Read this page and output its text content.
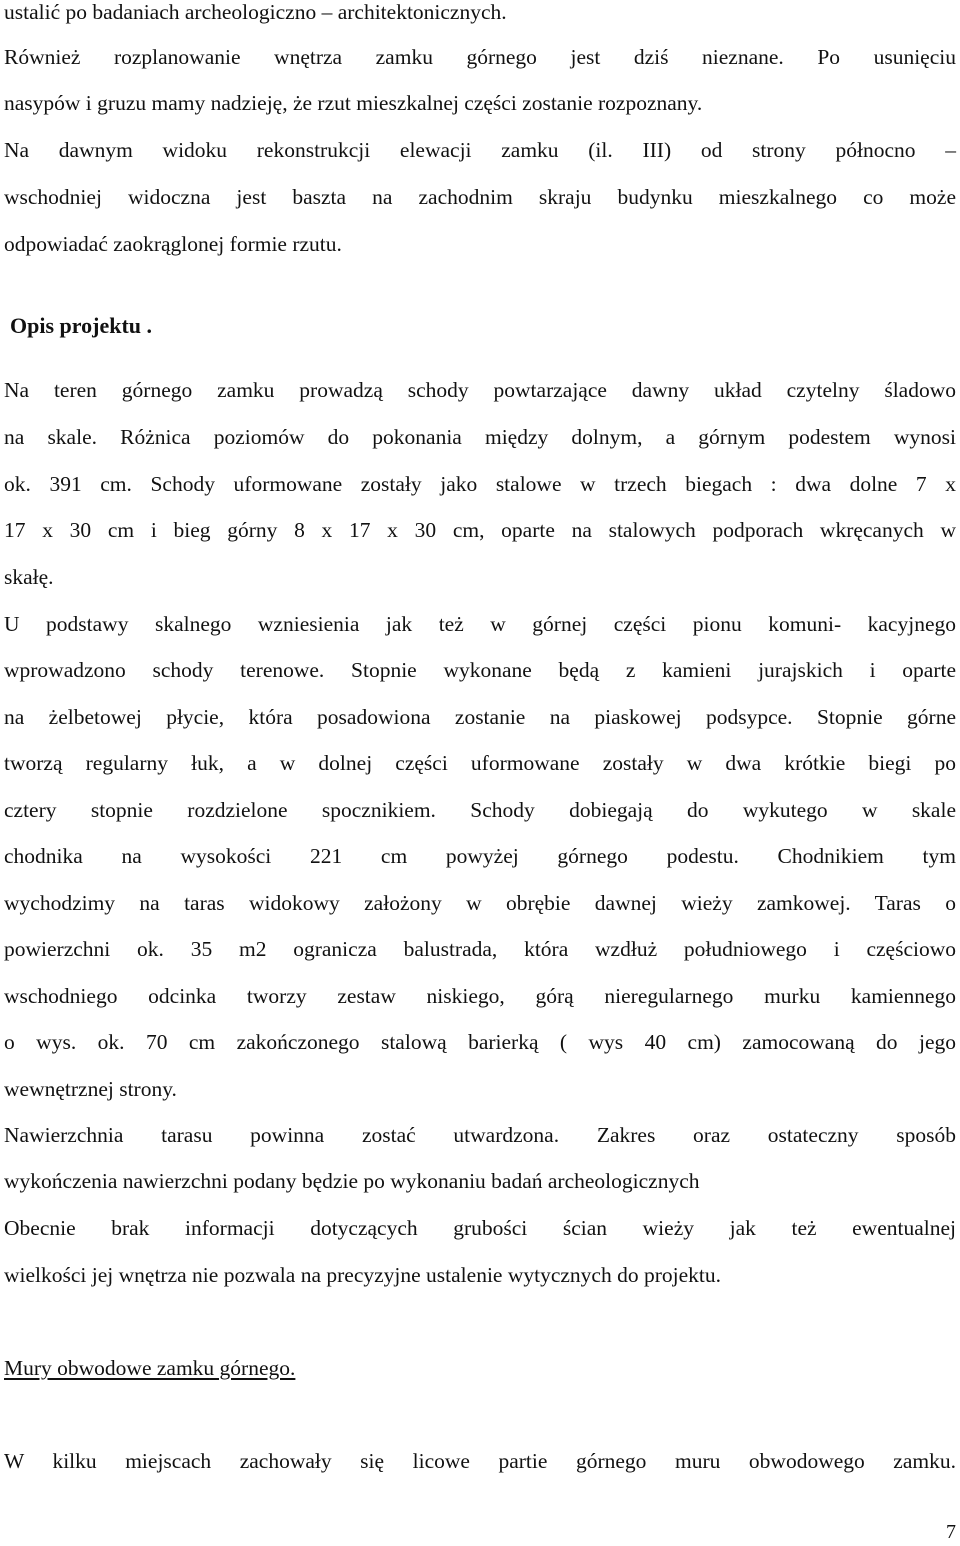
ustalić po badaniach archeologiczno – architektonicznych.
Również rozplanowanie wnętrza zamku górnego jest dziś nieznane. Po usunięciu
nasypów i gruzu mamy nadzieję, że rzut mieszkalnej części zostanie rozpoznany.
Na dawnym widoku rekonstrukcji elewacji zamku (il. III) od strony północno –
wschodniej widoczna jest baszta na zachodnim skraju budynku mieszkalnego co może
odpowiadać zaokrąglonej formie rzutu.
Opis projektu .
Na teren górnego zamku prowadzą schody powtarzające dawny układ czytelny śladowo
na skale. Różnica poziomów do pokonania między dolnym, a górnym podestem wynosi
ok. 391 cm. Schody uformowane zostały jako stalowe w trzech biegach : dwa dolne 7 x
17 x 30 cm i bieg górny 8 x 17 x 30 cm, oparte na stalowych podporach wkręcanych w
skałę.
U podstawy skalnego wzniesienia jak też w górnej części pionu komuni- kacyjnego
wprowadzono schody terenowe. Stopnie wykonane będą z kamieni jurajskich i oparte
na żelbetowej płycie, która posadowiona zostanie na piaskowej podsypce. Stopnie górne
tworzą regularny łuk, a w dolnej części uformowane zostały w dwa krótkie biegi po
cztery stopnie rozdzielone spocznikiem. Schody dobiegają do wykutego w skale
chodnika na wysokości 221 cm powyżej górnego podestu. Chodnikiem tym
wychodzimy na taras widokowy założony w obrębie dawnej wieży zamkowej. Taras o
powierzchni ok. 35 m2 ogranicza balustrada, która wzdłuż południowego i częściowo
wschodniego odcinka tworzy zestaw niskiego, górą nieregularnego murku kamiennego
o wys. ok. 70 cm zakończonego stalową barierką ( wys 40 cm) zamocowaną do jego
wewnętrznej strony.
Nawierzchnia tarasu powinna zostać utwardzona. Zakres oraz ostateczny sposób
wykończenia nawierzchni podany będzie po wykonaniu badań archeologicznych
Obecnie brak informacji dotyczących grubości ścian wieży jak też ewentualnej
wielkości jej wnętrza nie pozwala na precyzyjne ustalenie wytycznych do projektu.
Mury obwodowe zamku górnego.
W kilku miejscach zachowały się licowe partie górnego muru obwodowego zamku.
7
